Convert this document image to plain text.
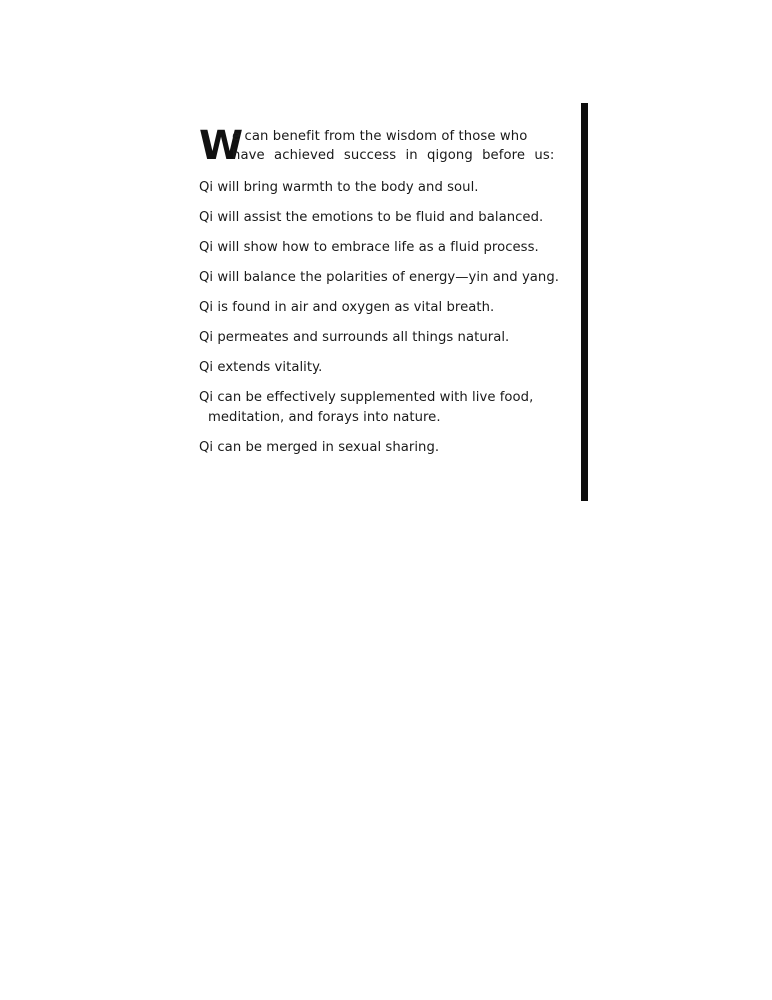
W
e can benefit from the wisdom of those who
have achieved success in qigong before us:
Qi will bring warmth to the body and soul.
Qi will assist the emotions to be fluid and balanced.
Qi will show how to embrace life as a fluid process.
Qi will balance the polarities of energy—yin and yang.
Qi is found in air and oxygen as vital breath.
Qi permeates and surrounds all things natural.
Qi extends vitality.
Qi can be effectively supplemented with live food,
meditation, and forays into nature.
Qi can be merged in sexual sharing.
